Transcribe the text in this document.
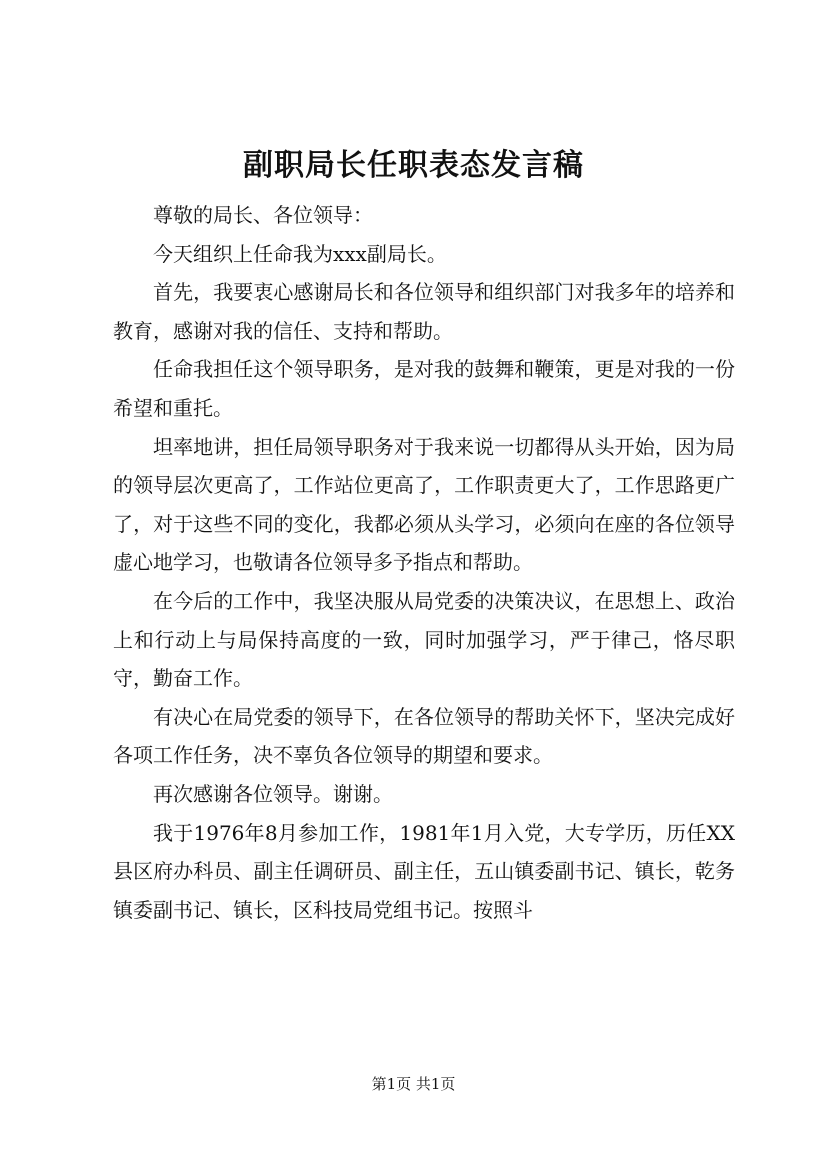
副职局长任职表态发言稿

尊敬的局长、各位领导：

今天组织上任命我为xxx副局长。

首先，我要衷心感谢局长和各位领导和组织部门对我多年的培养和教育，感谢对我的信任、支持和帮助。

任命我担任这个领导职务，是对我的鼓舞和鞭策，更是对我的一份希望和重托。

坦率地讲，担任局领导职务对于我来说一切都得从头开始，因为局的领导层次更高了，工作站位更高了，工作职责更大了，工作思路更广了，对于这些不同的变化，我都必须从头学习，必须向在座的各位领导虚心地学习，也敬请各位领导多予指点和帮助。

在今后的工作中，我坚决服从局党委的决策决议，在思想上、政治上和行动上与局保持高度的一致，同时加强学习，严于律己，恪尽职守，勤奋工作。

有决心在局党委的领导下，在各位领导的帮助关怀下，坚决完成好各项工作任务，决不辜负各位领导的期望和要求。

再次感谢各位领导。谢谢。

我于1976年8月参加工作，1981年1月入党，大专学历，历任XX县区府办科员、副主任调研员、副主任，五山镇委副书记、镇长，乾务镇委副书记、镇长，区科技局党组书记。按照斗

第1页 共1页
